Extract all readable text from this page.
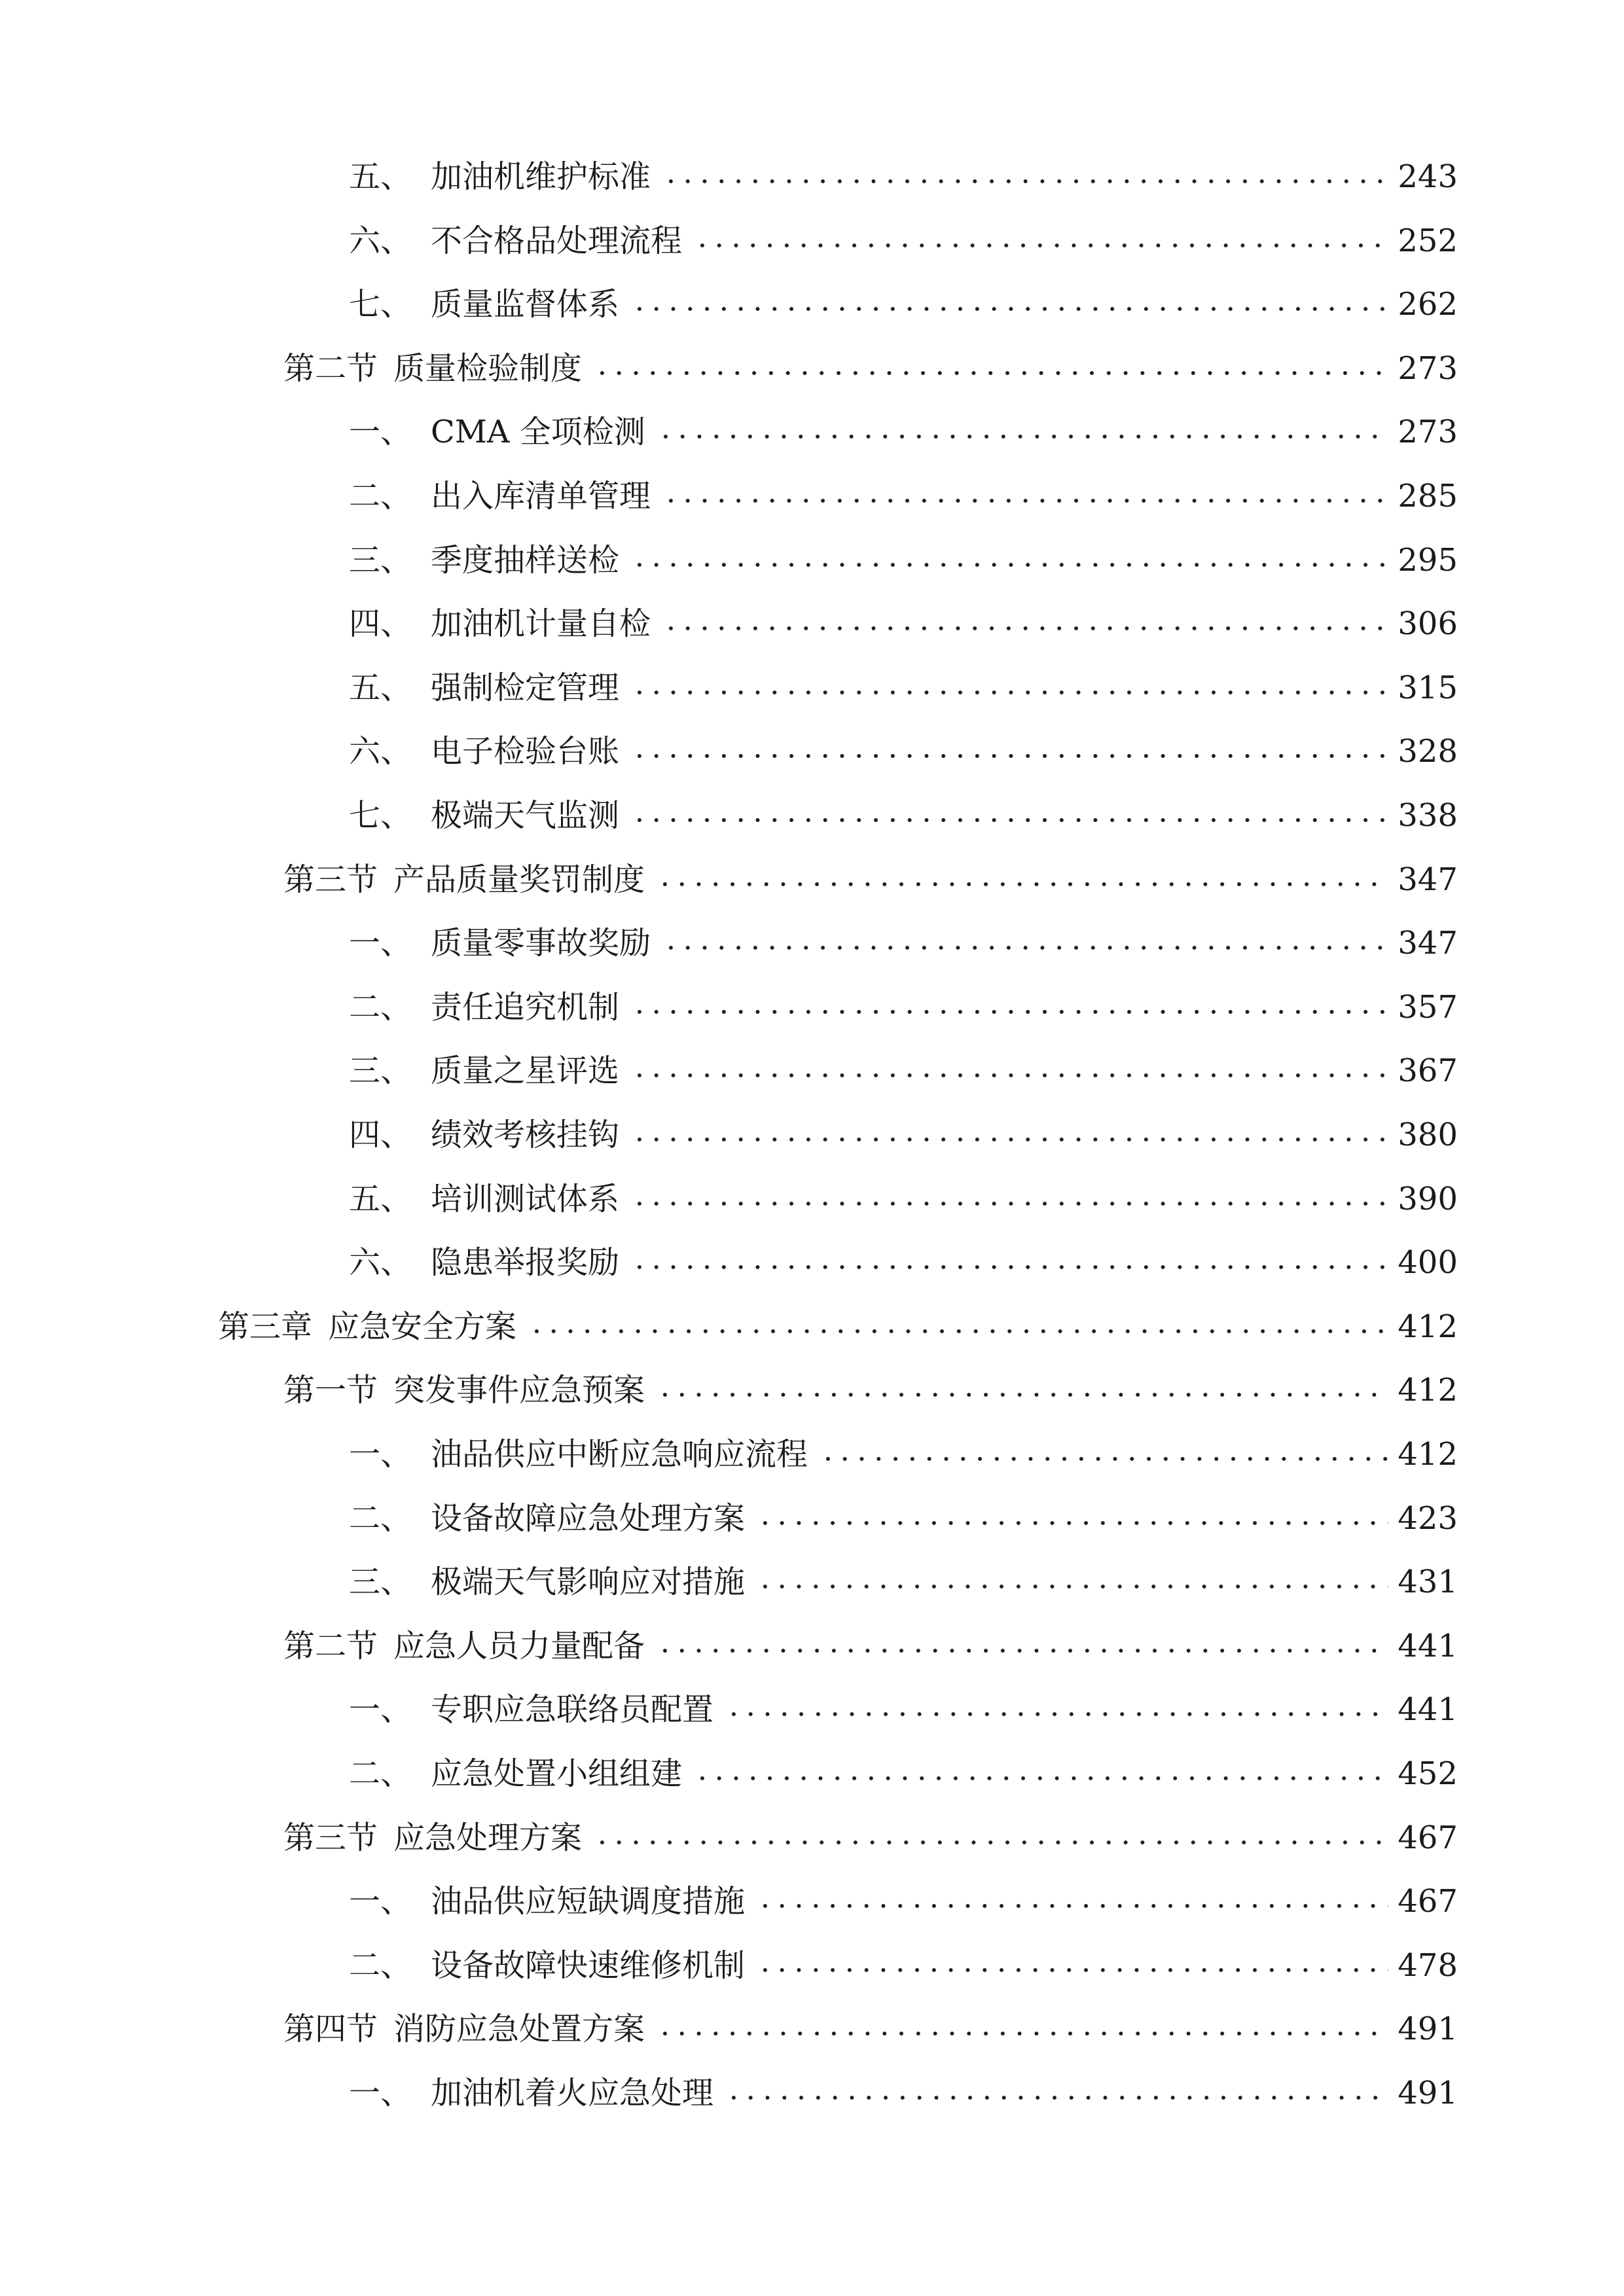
五、 加油机维护标准	243
六、 不合格品处理流程	252
七、 质量监督体系	262
第二节 质量检验制度	273
一、 CMA 全项检测	273
二、 出入库清单管理	285
三、 季度抽样送检	295
四、 加油机计量自检	306
五、 强制检定管理	315
六、 电子检验台账	328
七、 极端天气监测	338
第三节 产品质量奖罚制度	347
一、 质量零事故奖励	347
二、 责任追究机制	357
三、 质量之星评选	367
四、 绩效考核挂钩	380
五、 培训测试体系	390
六、 隐患举报奖励	400
第三章 应急安全方案	412
第一节 突发事件应急预案	412
一、 油品供应中断应急响应流程	412
二、 设备故障应急处理方案	423
三、 极端天气影响应对措施	431
第二节 应急人员力量配备	441
一、 专职应急联络员配置	441
二、 应急处置小组组建	452
第三节 应急处理方案	467
一、 油品供应短缺调度措施	467
二、 设备故障快速维修机制	478
第四节 消防应急处置方案	491
一、 加油机着火应急处理	491
